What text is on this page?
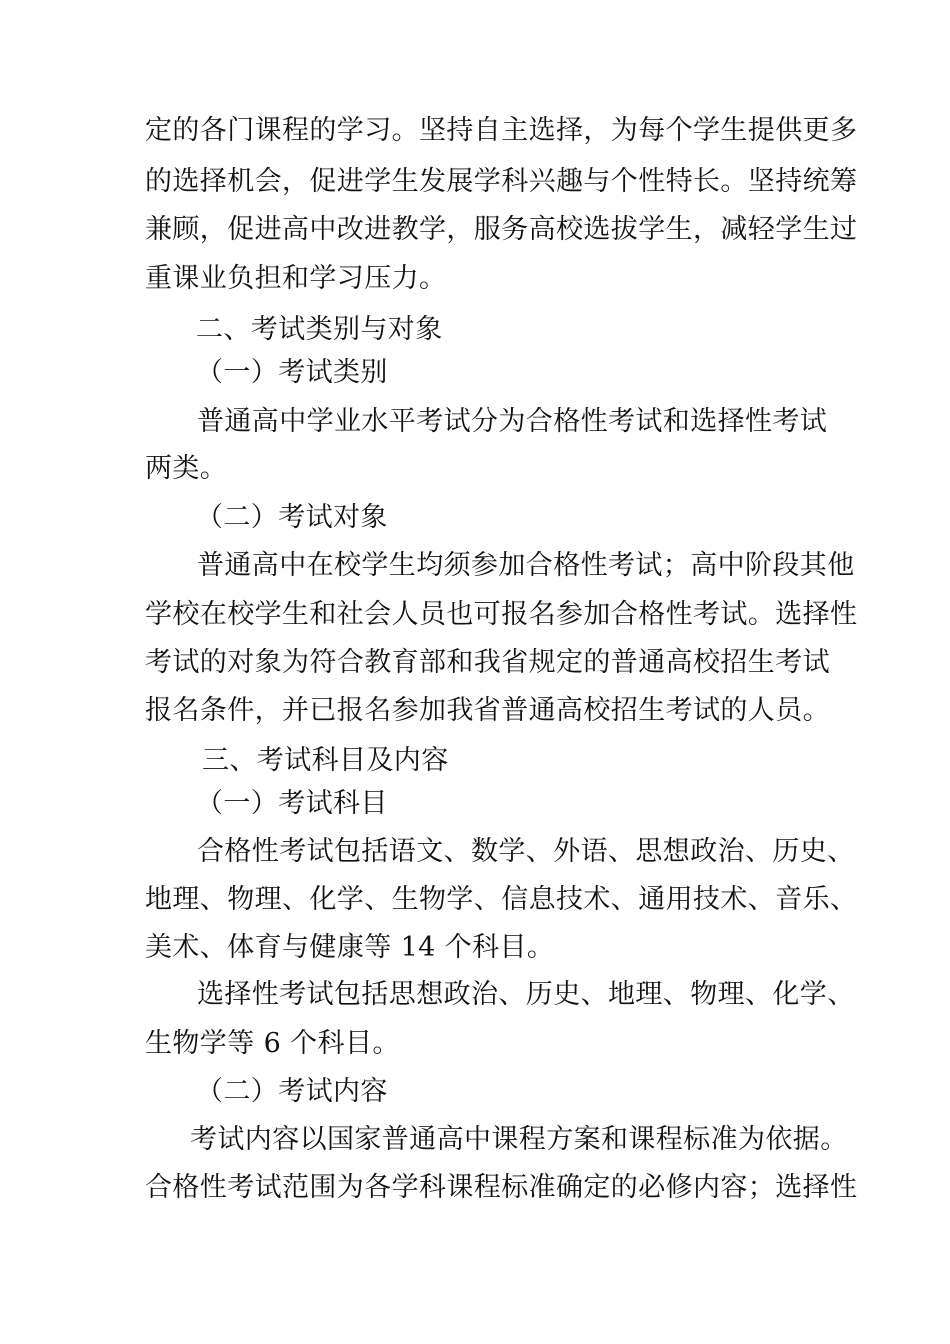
定的各门课程的学习。坚持自主选择，为每个学生提供更多
的选择机会，促进学生发展学科兴趣与个性特长。坚持统筹
兼顾，促进高中改进教学，服务高校选拔学生，减轻学生过
重课业负担和学习压力。
二、考试类别与对象
（一）考试类别
普通高中学业水平考试分为合格性考试和选择性考试
两类。
（二）考试对象
普通高中在校学生均须参加合格性考试；高中阶段其他
学校在校学生和社会人员也可报名参加合格性考试。选择性
考试的对象为符合教育部和我省规定的普通高校招生考试
报名条件，并已报名参加我省普通高校招生考试的人员。
三、考试科目及内容
（一）考试科目
合格性考试包括语文、数学、外语、思想政治、历史、
地理、物理、化学、生物学、信息技术、通用技术、音乐、
美术、体育与健康等 14 个科目。
选择性考试包括思想政治、历史、地理、物理、化学、
生物学等 6 个科目。
（二）考试内容
考试内容以国家普通高中课程方案和课程标准为依据。
合格性考试范围为各学科课程标准确定的必修内容；选择性
